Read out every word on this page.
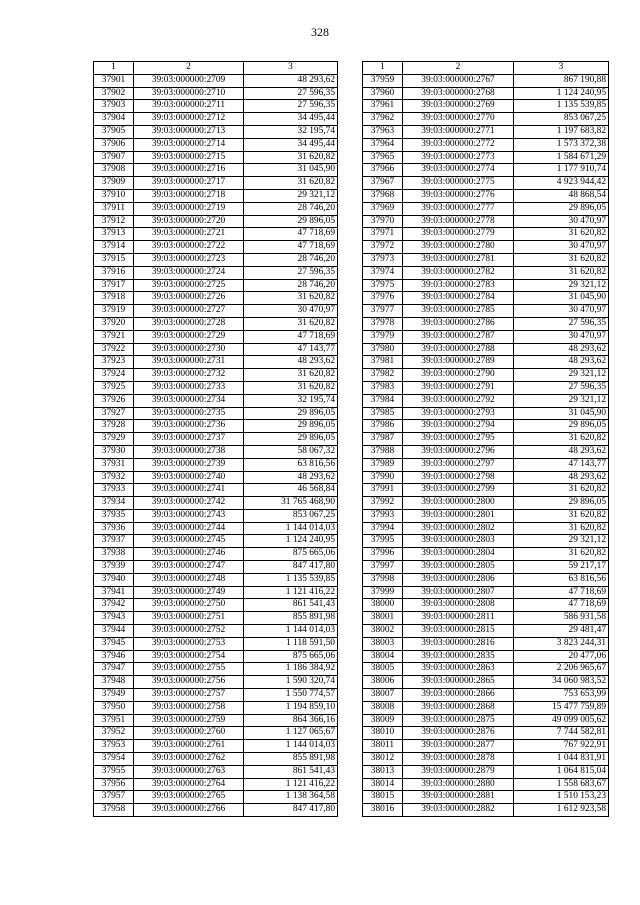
328
1	2	3
37901	39:03:000000:2709	48 293,62
37902	39:03:000000:2710	27 596,35
37903	39:03:000000:2711	27 596,35
37904	39:03:000000:2712	34 495,44
37905	39:03:000000:2713	32 195,74
37906	39:03:000000:2714	34 495,44
37907	39:03:000000:2715	31 620,82
37908	39:03:000000:2716	31 045,90
37909	39:03:000000:2717	31 620,82
37910	39:03:000000:2718	29 321,12
37911	39:03:000000:2719	28 746,20
37912	39:03:000000:2720	29 896,05
37913	39:03:000000:2721	47 718,69
37914	39:03:000000:2722	47 718,69
37915	39:03:000000:2723	28 746,20
37916	39:03:000000:2724	27 596,35
37917	39:03:000000:2725	28 746,20
37918	39:03:000000:2726	31 620,82
37919	39:03:000000:2727	30 470,97
37920	39:03:000000:2728	31 620,82
37921	39:03:000000:2729	47 718,69
37922	39:03:000000:2730	47 143,77
37923	39:03:000000:2731	48 293,62
37924	39:03:000000:2732	31 620,82
37925	39:03:000000:2733	31 620,82
37926	39:03:000000:2734	32 195,74
37927	39:03:000000:2735	29 896,05
37928	39:03:000000:2736	29 896,05
37929	39:03:000000:2737	29 896,05
37930	39:03:000000:2738	58 067,32
37931	39:03:000000:2739	63 816,56
37932	39:03:000000:2740	48 293,62
37933	39:03:000000:2741	46 568,84
37934	39:03:000000:2742	31 765 468,90
37935	39:03:000000:2743	853 067,25
37936	39:03:000000:2744	1 144 014,03
37937	39:03:000000:2745	1 124 240,95
37938	39:03:000000:2746	875 665,06
37939	39:03:000000:2747	847 417,80
37940	39:03:000000:2748	1 135 539,85
37941	39:03:000000:2749	1 121 416,22
37942	39:03:000000:2750	861 541,43
37943	39:03:000000:2751	855 891,98
37944	39:03:000000:2752	1 144 014,03
37945	39:03:000000:2753	1 118 591,50
37946	39:03:000000:2754	875 665,06
37947	39:03:000000:2755	1 186 384,92
37948	39:03:000000:2756	1 590 320,74
37949	39:03:000000:2757	1 550 774,57
37950	39:03:000000:2758	1 194 859,10
37951	39:03:000000:2759	864 366,16
37952	39:03:000000:2760	1 127 065,67
37953	39:03:000000:2761	1 144 014,03
37954	39:03:000000:2762	855 891,98
37955	39:03:000000:2763	861 541,43
37956	39:03:000000:2764	1 121 416,22
37957	39:03:000000:2765	1 138 364,58
37958	39:03:000000:2766	847 417,80
1	2	3
37959	39:03:000000:2767	867 190,88
37960	39:03:000000:2768	1 124 240,95
37961	39:03:000000:2769	1 135 539,85
37962	39:03:000000:2770	853 067,25
37963	39:03:000000:2771	1 197 683,82
37964	39:03:000000:2772	1 573 372,38
37965	39:03:000000:2773	1 584 671,29
37966	39:03:000000:2774	1 177 910,74
37967	39:03:000000:2775	4 923 944,42
37968	39:03:000000:2776	48 868,54
37969	39:03:000000:2777	29 896,05
37970	39:03:000000:2778	30 470,97
37971	39:03:000000:2779	31 620,82
37972	39:03:000000:2780	30 470,97
37973	39:03:000000:2781	31 620,82
37974	39:03:000000:2782	31 620,82
37975	39:03:000000:2783	29 321,12
37976	39:03:000000:2784	31 045,90
37977	39:03:000000:2785	30 470,97
37978	39:03:000000:2786	27 596,35
37979	39:03:000000:2787	30 470,97
37980	39:03:000000:2788	48 293,62
37981	39:03:000000:2789	48 293,62
37982	39:03:000000:2790	29 321,12
37983	39:03:000000:2791	27 596,35
37984	39:03:000000:2792	29 321,12
37985	39:03:000000:2793	31 045,90
37986	39:03:000000:2794	29 896,05
37987	39:03:000000:2795	31 620,82
37988	39:03:000000:2796	48 293,62
37989	39:03:000000:2797	47 143,77
37990	39:03:000000:2798	48 293,62
37991	39:03:000000:2799	31 620,82
37992	39:03:000000:2800	29 896,05
37993	39:03:000000:2801	31 620,82
37994	39:03:000000:2802	31 620,82
37995	39:03:000000:2803	29 321,12
37996	39:03:000000:2804	31 620,82
37997	39:03:000000:2805	59 217,17
37998	39:03:000000:2806	63 816,56
37999	39:03:000000:2807	47 718,69
38000	39:03:000000:2808	47 718,69
38001	39:03:000000:2811	586 931,58
38002	39:03:000000:2815	29 481,47
38003	39:03:000000:2816	3 823 244,31
38004	39:03:000000:2835	20 477,06
38005	39:03:000000:2863	2 206 965,67
38006	39:03:000000:2865	34 060 983,52
38007	39:03:000000:2866	753 653,99
38008	39:03:000000:2868	15 477 759,89
38009	39:03:000000:2875	49 099 005,62
38010	39:03:000000:2876	7 744 582,81
38011	39:03:000000:2877	767 922,91
38012	39:03:000000:2878	1 044 831,91
38013	39:03:000000:2879	1 064 815,04
38014	39:03:000000:2880	1 558 683,67
38015	39:03:000000:2881	1 510 153,23
38016	39:03:000000:2882	1 612 923,58
